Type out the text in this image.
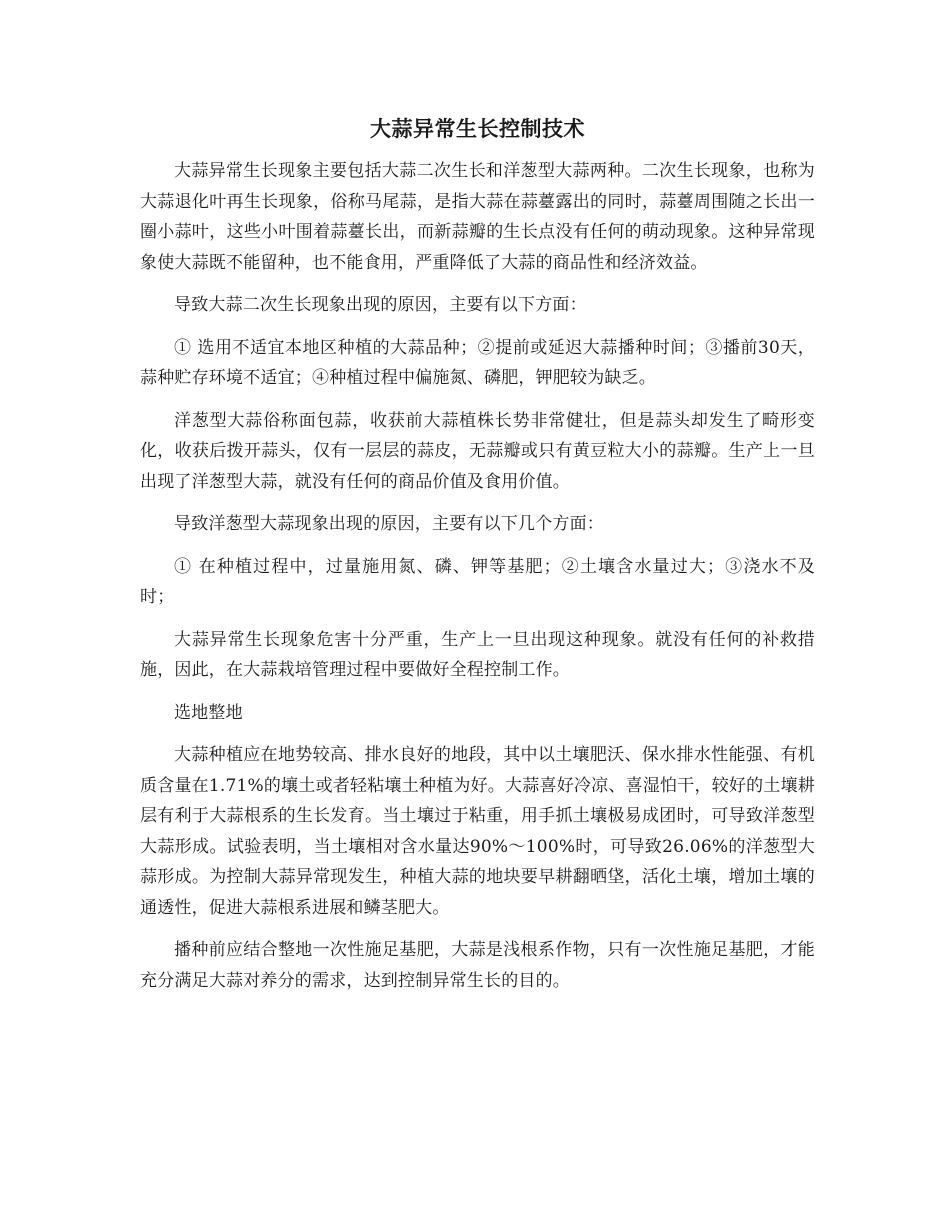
大蒜异常生长控制技术

大蒜异常生长现象主要包括大蒜二次生长和洋葱型大蒜两种。二次生长现象，也称为大蒜退化叶再生长现象，俗称马尾蒜，是指大蒜在蒜薹露出的同时，蒜薹周围随之长出一圈小蒜叶，这些小叶围着蒜薹长出，而新蒜瓣的生长点没有任何的萌动现象。这种异常现象使大蒜既不能留种，也不能食用，严重降低了大蒜的商品性和经济效益。

导致大蒜二次生长现象出现的原因，主要有以下方面：

① 选用不适宜本地区种植的大蒜品种；②提前或延迟大蒜播种时间；③播前30天，蒜种贮存环境不适宜；④种植过程中偏施氮、磷肥，钾肥较为缺乏。

洋葱型大蒜俗称面包蒜，收获前大蒜植株长势非常健壮，但是蒜头却发生了畸形变化，收获后拨开蒜头，仅有一层层的蒜皮，无蒜瓣或只有黄豆粒大小的蒜瓣。生产上一旦出现了洋葱型大蒜，就没有任何的商品价值及食用价值。

导致洋葱型大蒜现象出现的原因，主要有以下几个方面：

① 在种植过程中，过量施用氮、磷、钾等基肥；②土壤含水量过大；③浇水不及时；

大蒜异常生长现象危害十分严重，生产上一旦出现这种现象。就没有任何的补救措施，因此，在大蒜栽培管理过程中要做好全程控制工作。

选地整地

大蒜种植应在地势较高、排水良好的地段，其中以土壤肥沃、保水排水性能强、有机质含量在1.71%的壤土或者轻粘壤土种植为好。大蒜喜好冷凉、喜湿怕干，较好的土壤耕层有利于大蒜根系的生长发育。当土壤过于粘重，用手抓土壤极易成团时，可导致洋葱型大蒜形成。试验表明，当土壤相对含水量达90%～100%时，可导致26.06%的洋葱型大蒜形成。为控制大蒜异常现发生，种植大蒜的地块要早耕翻晒垡，活化土壤，增加土壤的通透性，促进大蒜根系进展和鳞茎肥大。

播种前应结合整地一次性施足基肥，大蒜是浅根系作物，只有一次性施足基肥，才能充分满足大蒜对养分的需求，达到控制异常生长的目的。
